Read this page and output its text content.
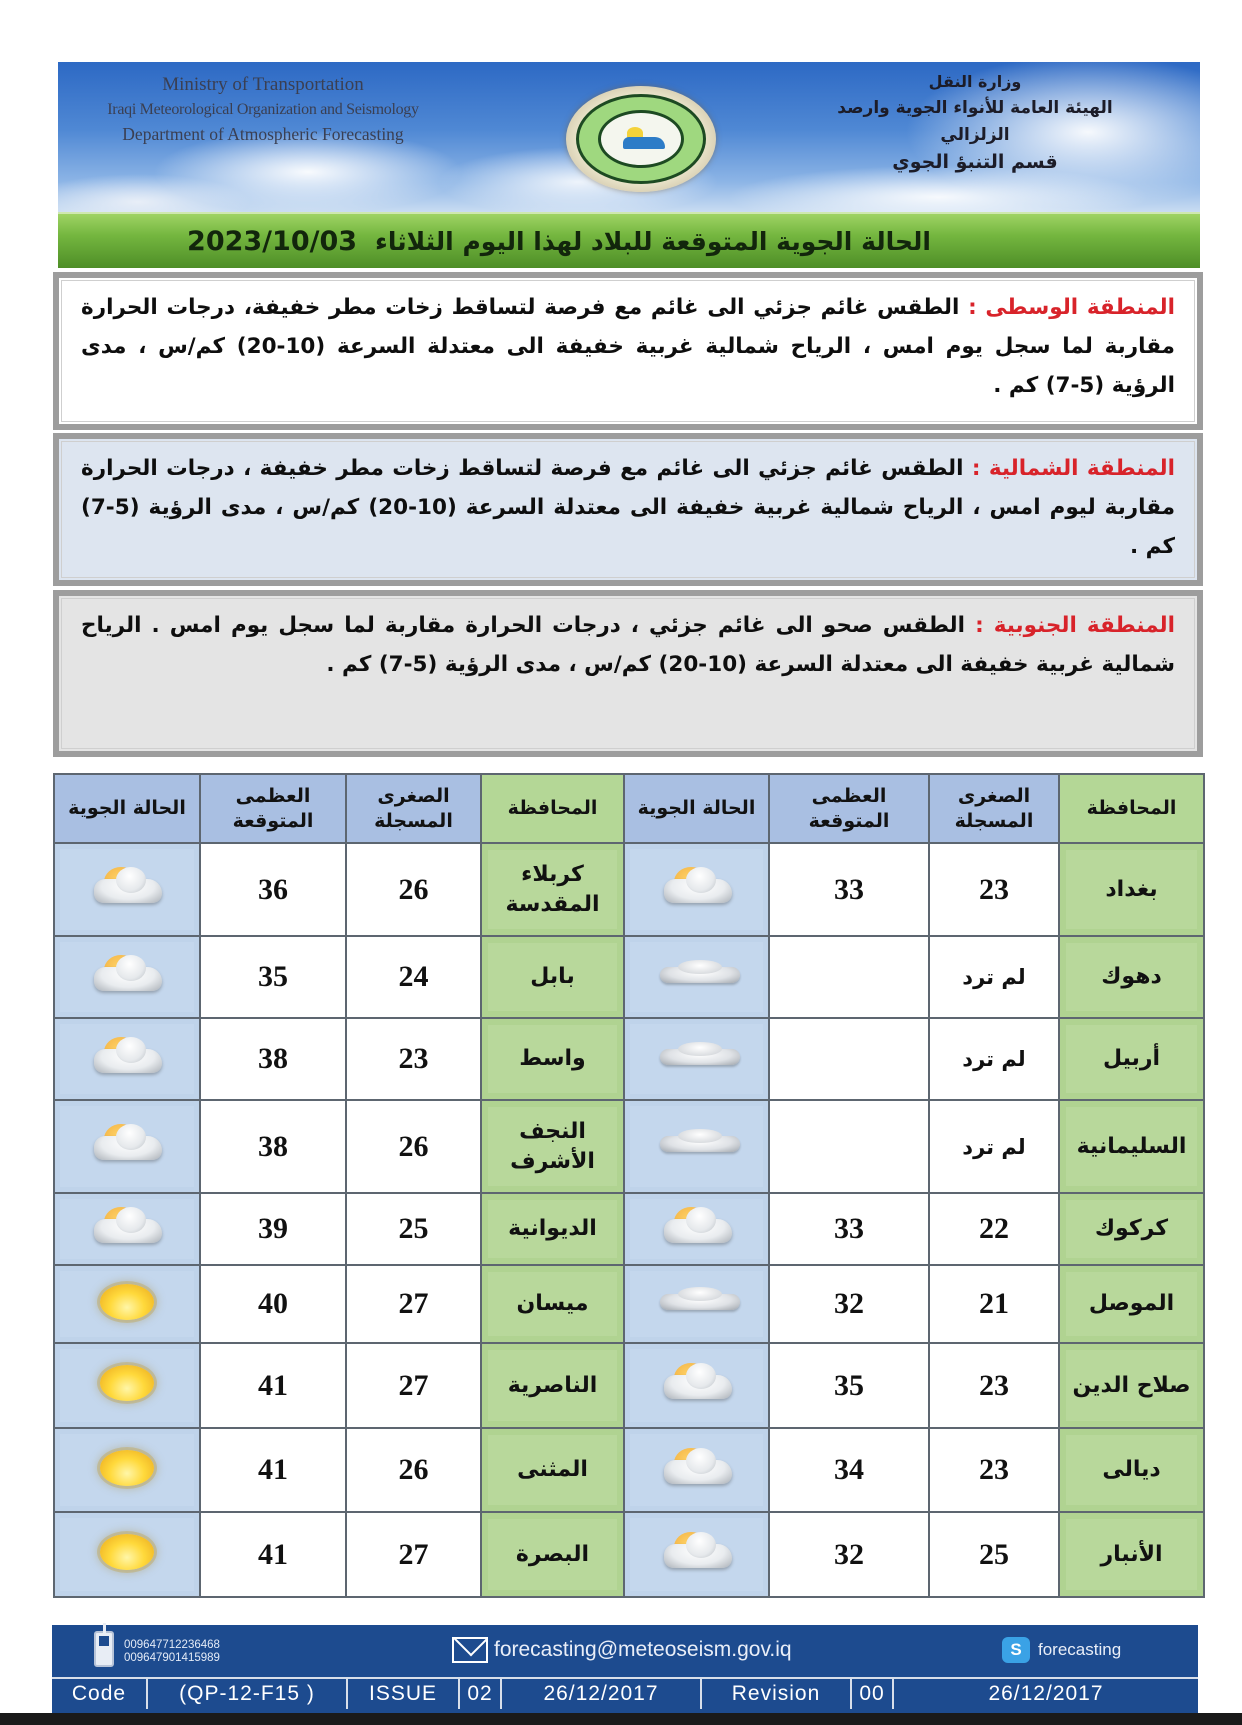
Ministry of Transportation
Iraqi Meteorological Organization and Seismology
Department of Atmospheric Forecasting
وزارة النقل
الهيئة العامة للأنواء الجوية وارصد الزلزالي
قسم التنبؤ الجوي
الحالة الجوية المتوقعة للبلاد لهذا اليوم الثلاثاء
2023/10/03
المنطقة الوسطى : الطقس غائم جزئي الى غائم مع فرصة لتساقط زخات مطر خفيفة، درجات الحرارة مقاربة لما سجل يوم امس ، الرياح شمالية غربية خفيفة الى معتدلة السرعة (10-20) كم/س ، مدى الرؤية (5-7) كم .
المنطقة الشمالية : الطقس غائم جزئي الى غائم مع فرصة لتساقط زخات مطر خفيفة ، درجات الحرارة مقاربة ليوم امس ، الرياح شمالية غربية خفيفة الى معتدلة السرعة (10-20) كم/س ، مدى الرؤية (5-7) كم .
المنطقة الجنوبية : الطقس صحو الى غائم جزئي ، درجات الحرارة مقاربة لما سجل يوم امس . الرياح شمالية غربية خفيفة الى معتدلة السرعة (10-20) كم/س ، مدى الرؤية (5-7) كم .
المحافظة	الصغرى المسجلة	العظمى المتوقعة	الحالة الجوية	المحافظة	الصغرى المسجلة	العظمى المتوقعة	الحالة الجوية
بغداد	23	33		كربلاء المقدسة	26	36	

دهوك	لم ترد			بابل	24	35	

أربيل	لم ترد			واسط	23	38	

السليمانية	لم ترد			النجف الأشرف	26	38	

كركوك	22	33		الديوانية	25	39	

الموصل	21	32		ميسان	27	40	

صلاح الدين	23	35		الناصرية	27	41	

ديالى	23	34		المثنى	26	41	

الأنبار	25	32		البصرة	27	41	
009647712236468
009647901415989	forecasting@meteoseism.gov.iq	S forecasting
Code	(QP-12-F15 )	ISSUE	02	26/12/2017	Revision	00	26/12/2017
